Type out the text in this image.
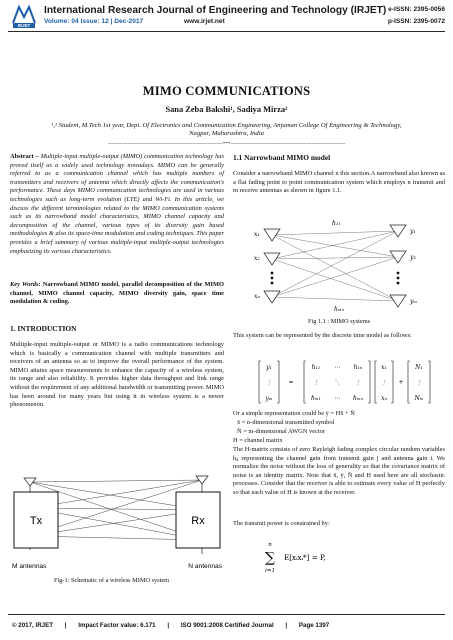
IRJET
International Research Journal of Engineering and Technology (IRJET)
Volume: 04 Issue: 12 | Dec-2017	www.irjet.net
e-ISSN: 2395-0056
p-ISSN: 2395-0072
MIMO COMMUNICATIONS
Sana Zeba Bakshi¹, Sadiya Mirza²
¹,² Student, M.Tech 1st year, Dept. Of Electronics and Communication Engineering, Anjuman College Of Engineering & Technology, Nagpur, Maharashtra, India
---------------------------------------------------------------------***---------------------------------------------------------------------
Abstract – Multiple-input multiple-output (MIMO) communication technology has proved itself as a widely used technology nowadays. MIMO can be generally referred to as a communication channel which has multiple numbers of transmitters and receivers of antenna which directly affects the communication's performance. These days MIMO communication technologies are used in various technologies such as long-term evolution (LTE) and Wi-Fi. In this article, we discuss the different terminologies related to the MIMO communication systems such as its narrowband model characteristics, MIMO channel capacity and decomposition of the channel, various types of its diversity gain based methodologies & also its space-time modulation and coding techniques. This paper provides a brief summary of various multiple-input multiple-output technologies emphasizing its various characteristics.
Key Words: Narrowband MIMO model, parallel decomposition of the MIMO channel, MIMO channel capacity, MIMO diversity gain, space time modulation & coding.
1. INTRODUCTION
Multiple-input multiple-output or MIMO is a radio communications technology which is basically a communication channel with multiple transmitters and receivers of an antenna so as to improve the overall performance of the system. MIMO attains space measurements to enhance the capacity of a wireless system, its range and also reliability. It provides higher data throughput and link range without the requirement of any additional bandwidth or transmitting power. MIMO has been around for many years but using it in wireless system is a newer phenomenon.
Tx	Rx
M antennas	N antennas
Fig-1: Schematic of a wireless MIMO system
1.1 Narrowband MIMO model
Consider a narrowband MIMO channel n this section.A narrowband also known as a flat fading point to point communication system which employs n transmit and m receive antennas as shown in figure 1.1.
x₁
x₂
xₙ
y₁
y₂
yₘ
h₁₁
hₘₙ
Fig 1.1 : MIMO systems
This system can be represented by the discrete time model as follows:
y₁
⋮
yₘ
=
h₁₁ ⋯ h₁ₙ
⋮	⋱	⋮
hₘ₁ ⋯ hₘₙ
x₁
⋮
xₙ
+
N₁
⋮
Nₘ
Or a simple representation could be ȳ = Hx̄ + N̄
x̄ = n-dimensional transmitted symbol
N̄ = m-dimensional AWGN vector
H = channel matrix
The H-matrix consists of zero Rayleigh fading complex circular random variables hᵢⱼ representing the channel gain from transmit gain j and antenna gain i. We normalize the noise without the loss of generality so that the covariance matrix of noise is an identity matrix. Note that x̄, ȳ, N̄ and H used here are all stochastic processes. Consider that the receiver is able to estimate every value of H perfectly so that each value of H is known at the receiver.
The transmit power is constrained by:
n
∑
i=1
E[xᵢxᵢ*] = P,
© 2017, IRJET | Impact Factor value: 6.171 | ISO 9001:2008 Certified Journal | Page 1397
